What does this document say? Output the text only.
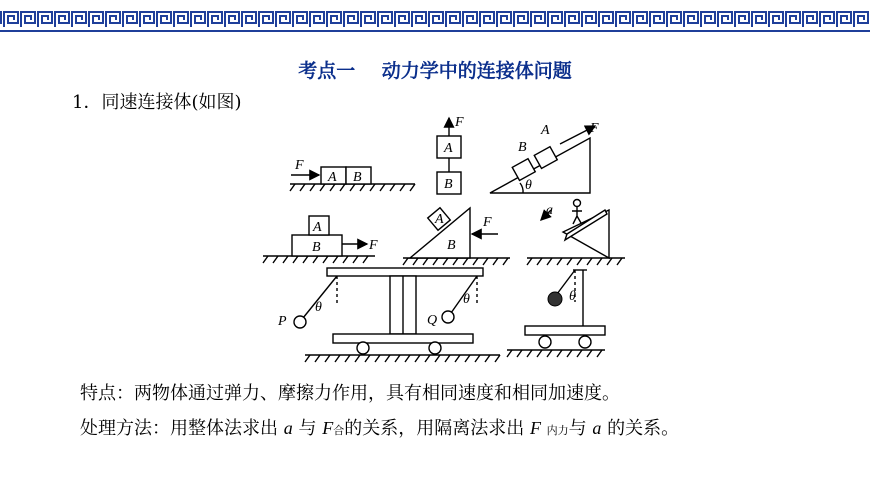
考点一    动力学中的连接体问题
1．同速连接体(如图)
F
A B
F
A
B
B
A	F
θ
A
B	F
A
B
F
a
P
θ
Q
θ	θ
特点：两物体通过弹力、摩擦力作用，具有相同速度和相同加速度。
处理方法：用整体法求出 a 与 F合的关系，用隔离法求出 F 内力与 a 的关系。
